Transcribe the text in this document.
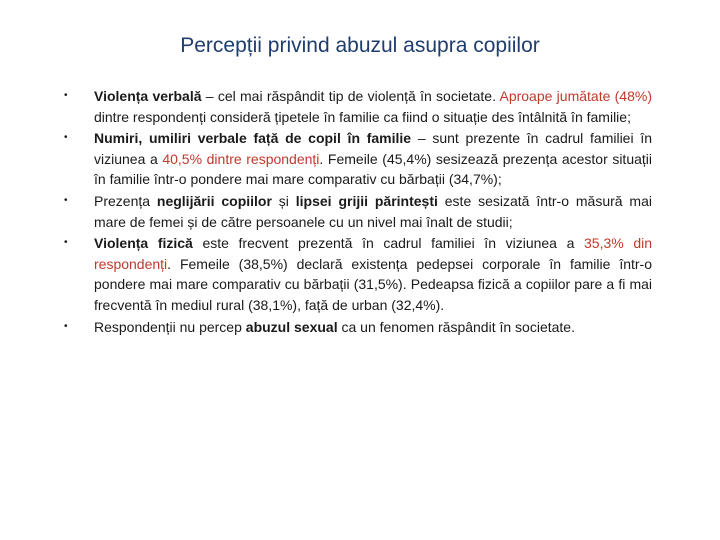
Percepții privind abuzul asupra copiilor
• Violența verbală – cel mai răspândit tip de violență în societate. Aproape jumătate (48%) dintre respondenți consideră țipetele în familie ca fiind o situație des întâlnită în familie;
• Numiri, umiliri verbale față de copil în familie – sunt prezente în cadrul familiei în viziunea a 40,5% dintre respondenți. Femeile (45,4%) sesizează prezența acestor situații în familie într-o pondere mai mare comparativ cu bărbații (34,7%);
• Prezența neglijării copiilor și lipsei grijii părintești este sesizată într-o măsură mai mare de femei și de către persoanele cu un nivel mai înalt de studii;
• Violența fizică este frecvent prezentă în cadrul familiei în viziunea a 35,3% din respondenți. Femeile (38,5%) declară existența pedepsei corporale în familie într-o pondere mai mare comparativ cu bărbații (31,5%). Pedeapsa fizică a copiilor pare a fi mai frecventă în mediul rural (38,1%), față de urban (32,4%).
• Respondenții nu percep abuzul sexual ca un fenomen răspândit în societate.
